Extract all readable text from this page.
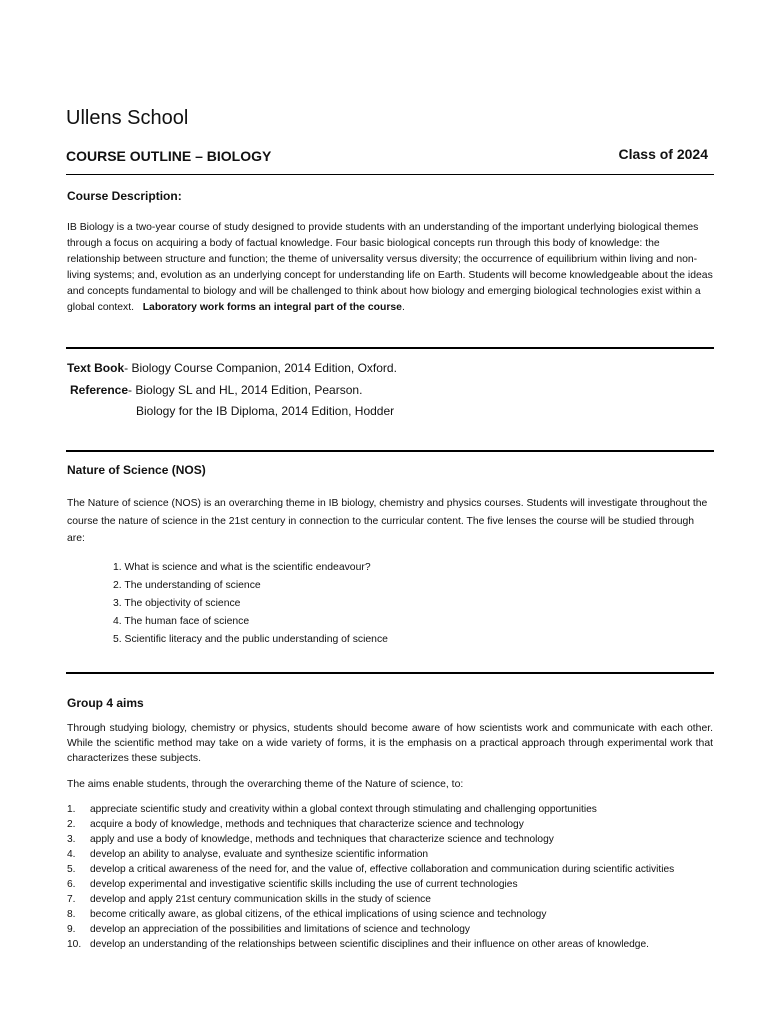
Ullens School
COURSE OUTLINE – BIOLOGY	Class of 2024
Course Description:
IB Biology is a two-year course of study designed to provide students with an understanding of the important underlying biological themes through a focus on acquiring a body of factual knowledge. Four basic biological concepts run through this body of knowledge: the relationship between structure and function; the theme of universality versus diversity; the occurrence of equilibrium within living and non-living systems; and, evolution as an underlying concept for understanding life on Earth. Students will become knowledgeable about the ideas and concepts fundamental to biology and will be challenged to think about how biology and emerging biological technologies exist within a global context. Laboratory work forms an integral part of the course.
Text Book- Biology Course Companion, 2014 Edition, Oxford.
Reference- Biology SL and HL, 2014 Edition, Pearson.
Biology for the IB Diploma, 2014 Edition, Hodder
Nature of Science (NOS)
The Nature of science (NOS) is an overarching theme in IB biology, chemistry and physics courses. Students will investigate throughout the course the nature of science in the 21st century in connection to the curricular content. The five lenses the course will be studied through are:
1. What is science and what is the scientific endeavour?
2. The understanding of science
3. The objectivity of science
4. The human face of science
5. Scientific literacy and the public understanding of science
Group 4 aims
Through studying biology, chemistry or physics, students should become aware of how scientists work and communicate with each other. While the scientific method may take on a wide variety of forms, it is the emphasis on a practical approach through experimental work that characterizes these subjects.
The aims enable students, through the overarching theme of the Nature of science, to:
1. appreciate scientific study and creativity within a global context through stimulating and challenging opportunities
2. acquire a body of knowledge, methods and techniques that characterize science and technology
3. apply and use a body of knowledge, methods and techniques that characterize science and technology
4. develop an ability to analyse, evaluate and synthesize scientific information
5. develop a critical awareness of the need for, and the value of, effective collaboration and communication during scientific activities
6. develop experimental and investigative scientific skills including the use of current technologies
7. develop and apply 21st century communication skills in the study of science
8. become critically aware, as global citizens, of the ethical implications of using science and technology
9. develop an appreciation of the possibilities and limitations of science and technology
10. develop an understanding of the relationships between scientific disciplines and their influence on other areas of knowledge.
